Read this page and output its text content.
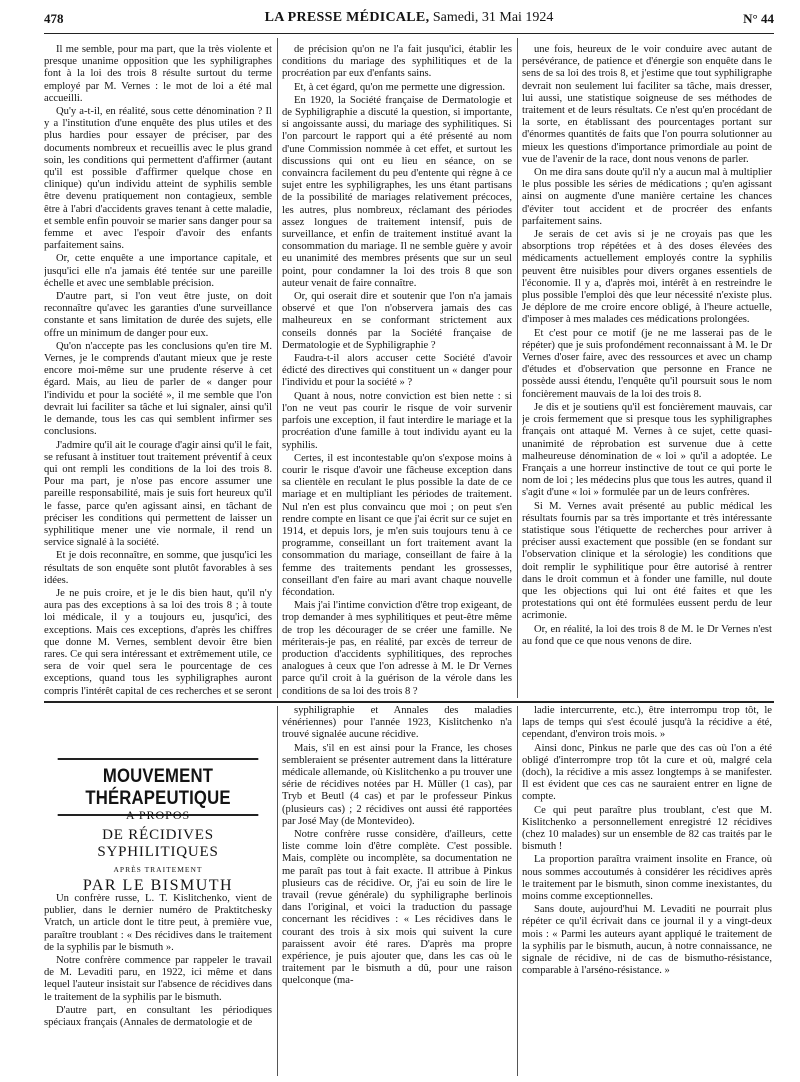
478	LA PRESSE MÉDICALE, Samedi, 31 Mai 1924	N° 44

Il me semble, pour ma part, que la très violente et presque unanime opposition que les syphiligraphes font à la loi des trois 8 résulte surtout du terme employé par M. Vernes : le mot de loi a été mal accueilli.

Qu'y a-t-il, en réalité, sous cette dénomination ? Il y a l'institution d'une enquête des plus utiles et des plus hardies pour essayer de préciser, par des documents nombreux et recueillis avec le plus grand soin, les conditions qui permettent d'affirmer (autant qu'il est possible d'affirmer quelque chose en clinique) qu'un individu atteint de syphilis semble être devenu pratiquement non contagieux, semble être à l'abri d'accidents graves tenant à cette maladie, et semble enfin pouvoir se marier sans danger pour sa femme et avec l'espoir d'avoir des enfants parfaitement sains.

Or, cette enquête a une importance capitale, et jusqu'ici elle n'a jamais été tentée sur une pareille échelle et avec une semblable précision.

D'autre part, si l'on veut être juste, on doit reconnaître qu'avec les garanties d'une surveillance constante et sans limitation de durée des sujets, elle offre un minimum de danger pour eux.

Qu'on n'accepte pas les conclusions qu'en tire M. Vernes, je le comprends d'autant mieux que je reste encore moi-même sur une prudente réserve à cet égard. Mais, au lieu de parler de « danger pour l'individu et pour la société », il me semble que l'on devrait lui faciliter sa tâche et lui signaler, ainsi qu'il le demande, tous les cas qui semblent infirmer ses conclusions.

J'admire qu'il ait le courage d'agir ainsi qu'il le fait, se refusant à instituer tout traitement préventif à ceux qui ont rempli les conditions de la loi des trois 8. Pour ma part, je n'ose pas encore assumer une pareille responsabilité, mais je suis fort heureux qu'il le fasse, parce qu'en agissant ainsi, en tâchant de préciser les conditions qui permettent de laisser un syphilitique mener une vie normale, il rend un service signalé à la société.

Et je dois reconnaître, en somme, que jusqu'ici les résultats de son enquête sont plutôt favorables à ses idées.

Je ne puis croire, et je le dis bien haut, qu'il n'y aura pas des exceptions à sa loi des trois 8 ; à toute loi médicale, il y a toujours eu, jusqu'ici, des exceptions. Mais ces exceptions, d'après les chiffres que donne M. Vernes, semblent devoir être bien rares. Ce qui sera intéressant et extrêmement utile, ce sera de voir quel sera le pourcentage de ces exceptions, quand tous les syphiligraphes auront compris l'intérêt capital de ces recherches et se seront

de précision qu'on ne l'a fait jusqu'ici, établir les conditions du mariage des syphilitiques et de la procréation par eux d'enfants sains.

Et, à cet égard, qu'on me permette une digression.

En 1920, la Société française de Dermatologie et de Syphiligraphie a discuté la question, si importante, si angoissante aussi, du mariage des syphilitiques. Si l'on parcourt le rapport qui a été présenté au nom d'une Commission nommée à cet effet, et surtout les discussions qui ont eu lieu en séance, on se convaincra facilement du peu d'entente qui règne à ce sujet entre les syphiligraphes, les uns étant partisans de la possibilité de mariages relativement précoces, les autres, plus nombreux, réclamant des périodes assez longues de traitement intensif, puis de surveillance, et enfin de traitement institué avant la consommation du mariage. Il ne semble guère y avoir eu unanimité des membres présents que sur un seul point, pour condamner la loi des trois 8 que son auteur venait de faire connaître.

Or, qui oserait dire et soutenir que l'on n'a jamais observé et que l'on n'observera jamais des cas malheureux en se conformant strictement aux conseils donnés par la Société française de Dermatologie et de Syphiligraphie ?

Faudra-t-il alors accuser cette Société d'avoir édicté des directives qui constituent un « danger pour l'individu et pour la société » ?

Quant à nous, notre conviction est bien nette : si l'on ne veut pas courir le risque de voir survenir parfois une exception, il faut interdire le mariage et la procréation d'une famille à tout individu ayant eu la syphilis.

Certes, il est incontestable qu'on s'expose moins à courir le risque d'avoir une fâcheuse exception dans sa clientèle en reculant le plus possible la date de ce mariage et en multipliant les périodes de traitement. Nul n'en est plus convaincu que moi ; on peut s'en rendre compte en lisant ce que j'ai écrit sur ce sujet en 1914, et depuis lors, je m'en suis toujours tenu à ce programme, conseillant un fort traitement avant la consommation du mariage, conseillant de faire à la femme des traitements pendant les grossesses, conseillant d'en faire au mari avant chaque nouvelle fécondation.

Mais j'ai l'intime conviction d'être trop exigeant, de trop demander à mes syphilitiques et peut-être même de trop les décourager de se créer une famille. Ne mériterais-je pas, en réalité, par excès de terreur de production d'accidents syphilitiques, des reproches analogues à ceux que l'on adresse à M. le Dr Vernes parce qu'il croit à la guérison de la vérole dans les conditions de sa loi des trois 8 ?

une fois, heureux de le voir conduire avec autant de persévérance, de patience et d'énergie son enquête dans le sens de sa loi des trois 8, et j'estime que tout syphiligraphe devrait non seulement lui faciliter sa tâche, mais dresser, lui aussi, une statistique soigneuse de ses méthodes de traitement et de leurs résultats. Ce n'est qu'en procédant de la sorte, en établissant des pourcentages portant sur d'énormes quantités de faits que l'on pourra solutionner au mieux les questions d'importance primordiale au point de vue de l'avenir de la race, dont nous venons de parler.

On me dira sans doute qu'il n'y a aucun mal à multiplier le plus possible les séries de médications ; qu'en agissant ainsi on augmente d'une manière certaine les chances d'éviter tout accident et de procréer des enfants parfaitement sains.

Je serais de cet avis si je ne croyais pas que les absorptions trop répétées et à des doses élevées des médicaments actuellement employés contre la syphilis peuvent être nuisibles pour divers organes essentiels de l'économie. Il y a, d'après moi, intérêt à en restreindre le plus possible l'emploi dès que leur nécessité n'existe plus. Je déplore de me croire encore obligé, à l'heure actuelle, d'imposer à mes malades ces médications prolongées.

Et c'est pour ce motif (je ne me lasserai pas de le répéter) que je suis profondément reconnaissant à M. le Dr Vernes d'oser faire, avec des ressources et avec un champ d'études et d'observation que personne en France ne possède aussi étendu, l'enquête qu'il poursuit sous le nom foncièrement mauvais de la loi des trois 8.

Je dis et je soutiens qu'il est foncièrement mauvais, car je crois fermement que si presque tous les syphiligraphes français ont attaqué M. Vernes à ce sujet, cette quasi-unanimité de réprobation est survenue due à cette malheureuse dénomination de « loi » qu'il a adoptée. Le Français a une horreur instinctive de tout ce qui porte le nom de loi ; les médecins plus que tous les autres, quand il s'agit d'une « loi » formulée par un de leurs confrères.

Si M. Vernes avait présenté au public médical les résultats fournis par sa très importante et très intéressante statistique sous l'étiquette de recherches pour arriver à préciser aussi exactement que possible (en se fondant sur l'observation clinique et la sérologie) les conditions que doit remplir le syphilitique pour être autorisé à rentrer dans le droit commun et à fonder une famille, nul doute que les objections qui lui ont été faites et que les protestations qui ont été formulées eussent perdu de leur acrimonie.

Or, en réalité, la loi des trois 8 de M. le Dr Vernes n'est au fond que ce que nous venons de dire.

MOUVEMENT THÉRAPEUTIQUE
A PROPOS
DE RÉCIDIVES SYPHILITIQUES
APRÈS TRAITEMENT
PAR LE BISMUTH

Un confrère russe, L. T. Kislitchenko, vient de publier, dans le dernier numéro de Praktitchesky Vratch, un article dont le titre peut, à première vue, paraître troublant : « Des récidives dans le traitement de la syphilis par le bismuth ».

Notre confrère commence par rappeler le travail de M. Levaditi paru, en 1922, ici même et dans lequel l'auteur insistait sur l'absence de récidives dans le traitement de la syphilis par le bismuth.

D'autre part, en consultant les périodiques spéciaux français (Annales de dermatologie et de

syphiligraphie et Annales des maladies vénériennes) pour l'année 1923, Kislitchenko n'a trouvé signalée aucune récidive.

Mais, s'il en est ainsi pour la France, les choses sembleraient se présenter autrement dans la littérature médicale allemande, où Kislitchenko a pu trouver une série de récidives notées par H. Müller (1 cas), par Tryb et Beutl (4 cas) et par le professeur Pinkus (plusieurs cas) ; 2 récidives ont aussi été rapportées par José May (de Montevideo).

Notre confrère russe considère, d'ailleurs, cette liste comme loin d'être complète. C'est possible. Mais, complète ou incomplète, sa documentation ne me paraît pas tout à fait exacte. Il attribue à Pinkus plusieurs cas de récidive. Or, j'ai eu soin de lire le travail (revue générale) du syphiligraphe berlinois dans l'original, et voici la traduction du passage concernant les récidives : « Les récidives dans le courant des trois à six mois qui suivent la cure paraissent avoir été rares. D'après ma propre expérience, je puis ajouter que, dans les cas où le traitement par le bismuth a dû, pour une raison quelconque (ma-

ladie intercurrente, etc.), être interrompu trop tôt, le laps de temps qui s'est écoulé jusqu'à la récidive a été, cependant, d'environ trois mois. »

Ainsi donc, Pinkus ne parle que des cas où l'on a été obligé d'interrompre trop tôt la cure et où, malgré cela (doch), la récidive a mis assez longtemps à se manifester. Il est évident que ces cas ne sauraient entrer en ligne de compte.

Ce qui peut paraître plus troublant, c'est que M. Kislitchenko a personnellement enregistré 12 récidives (chez 10 malades) sur un ensemble de 82 cas traités par le bismuth !

La proportion paraîtra vraiment insolite en France, où nous sommes accoutumés à considérer les récidives après le traitement par le bismuth, sinon comme inexistantes, du moins comme exceptionnelles.

Sans doute, aujourd'hui M. Levaditi ne pourrait plus répéter ce qu'il écrivait dans ce journal il y a vingt-deux mois : « Parmi les auteurs ayant appliqué le traitement de la syphilis par le bismuth, aucun, à notre connaissance, ne signale de récidive, ni de cas de bismutho-résistance, comparable à l'arséno-résistance. »
